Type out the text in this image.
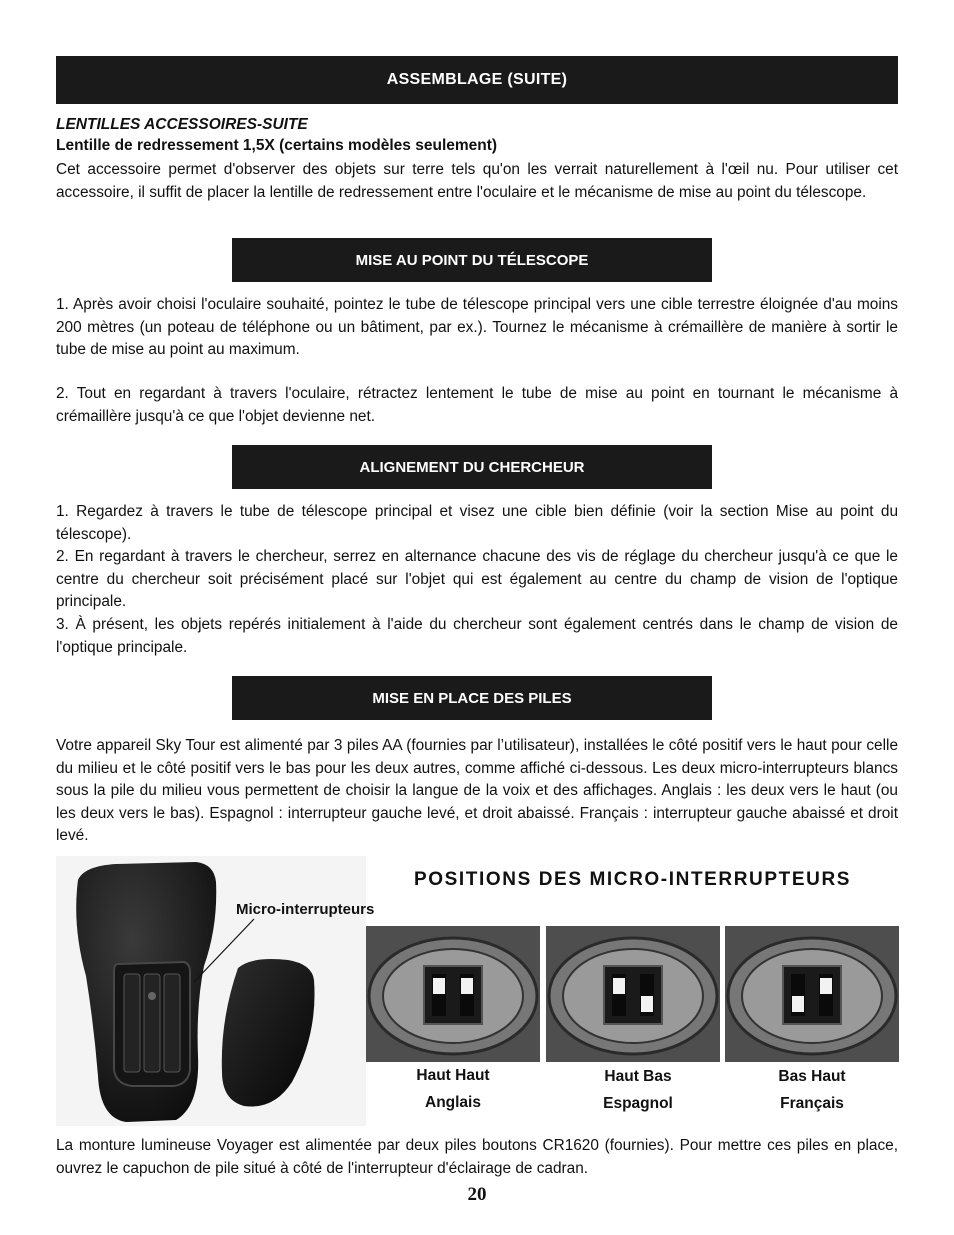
ASSEMBLAGE (SUITE)
LENTILLES ACCESSOIRES-SUITE
Lentille de redressement 1,5X (certains modèles seulement)
Cet accessoire permet d'observer des objets sur terre tels qu'on les verrait naturellement à l'œil nu. Pour utiliser cet accessoire, il suffit de placer la lentille de redressement entre l'oculaire et le mécanisme de mise au point du télescope.
MISE AU POINT DU TÉLESCOPE
1. Après avoir choisi l'oculaire souhaité, pointez le tube de télescope principal vers une cible terrestre éloignée d'au moins 200 mètres (un poteau de téléphone ou un bâtiment, par ex.). Tournez le mécanisme à crémaillère de manière à sortir le tube de mise au point au maximum.
2. Tout en regardant à travers l'oculaire, rétractez lentement le tube de mise au point en tournant le mécanisme à crémaillère jusqu'à ce que l'objet devienne net.
ALIGNEMENT DU CHERCHEUR
1. Regardez à travers le tube de télescope principal et visez une cible bien définie (voir la section Mise au point du télescope).
2. En regardant à travers le chercheur, serrez en alternance chacune des vis de réglage du chercheur jusqu'à ce que le centre du chercheur soit précisément placé sur l'objet qui est également au centre du champ de vision de l'optique principale.
3. À présent, les objets repérés initialement à l'aide du chercheur sont également centrés dans le champ de vision de l'optique principale.
MISE EN PLACE DES PILES
Votre appareil Sky Tour est alimenté par 3 piles AA (fournies par l’utilisateur), installées le côté positif vers le haut pour celle du milieu et le côté positif vers le bas pour les deux autres, comme affiché ci-dessous. Les deux micro-interrupteurs blancs sous la pile du milieu vous permettent de choisir la langue de la voix et des affichages. Anglais : les deux vers le haut (ou les deux vers le bas). Espagnol : interrupteur gauche levé, et droit abaissé. Français : interrupteur gauche abaissé et droit levé.
Micro-interrupteurs
POSITIONS DES MICRO-INTERRUPTEURS
Haut Haut
Anglais
Haut Bas
Espagnol
Bas Haut
Français
La monture lumineuse Voyager est alimentée par deux piles boutons CR1620 (fournies). Pour mettre ces piles en place, ouvrez le capuchon de pile situé à côté de l'interrupteur d'éclairage de cadran.
20
